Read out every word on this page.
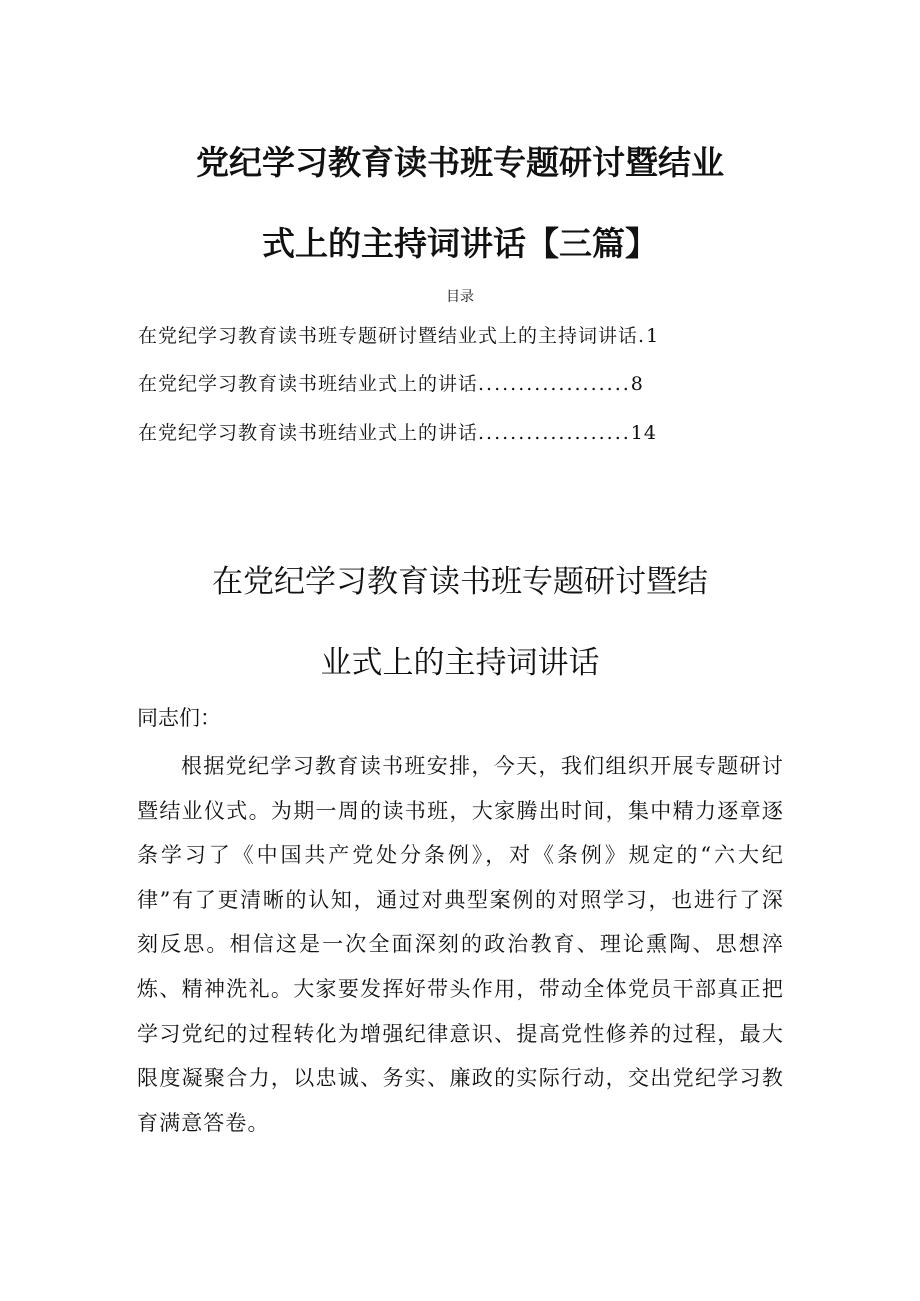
党纪学习教育读书班专题研讨暨结业
式上的主持词讲话【三篇】
目录
在党纪学习教育读书班专题研讨暨结业式上的主持词讲话.1
在党纪学习教育读书班结业式上的讲话...................8
在党纪学习教育读书班结业式上的讲话...................14
在党纪学习教育读书班专题研讨暨结
业式上的主持词讲话
同志们：
根据党纪学习教育读书班安排，今天，我们组织开展专题研讨暨结业仪式。为期一周的读书班，大家腾出时间，集中精力逐章逐条学习了《中国共产党处分条例》，对《条例》规定的“六大纪律”有了更清晰的认知，通过对典型案例的对照学习，也进行了深刻反思。相信这是一次全面深刻的政治教育、理论熏陶、思想淬炼、精神洗礼。大家要发挥好带头作用，带动全体党员干部真正把学习党纪的过程转化为增强纪律意识、提高党性修养的过程，最大限度凝聚合力，以忠诚、务实、廉政的实际行动，交出党纪学习教育满意答卷。
